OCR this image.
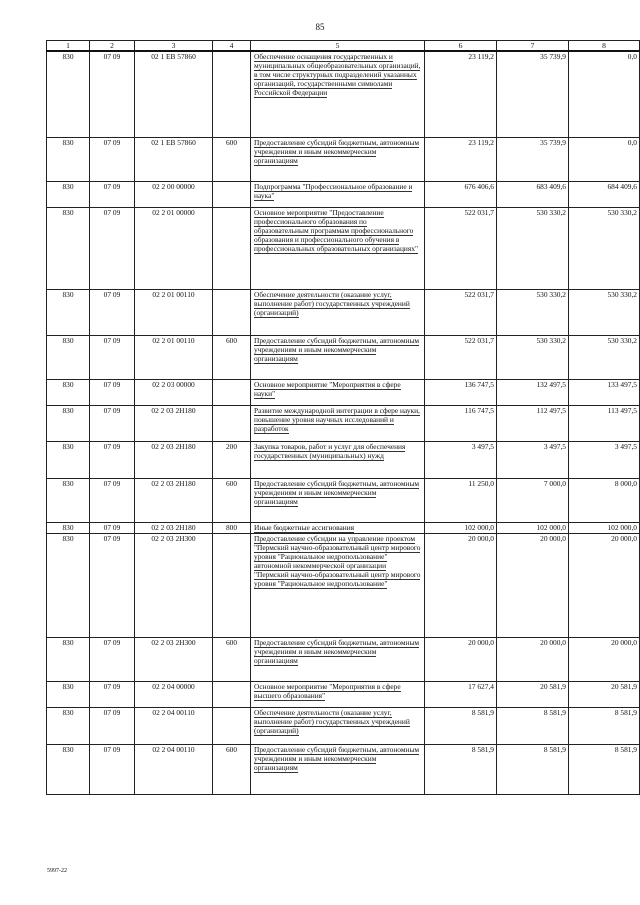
85
1	2	3	4	5	6	7	8
830	07 09	02 1 EВ 57860		Обеспечение оснащения государственных и муниципальных общеобразовательных организаций, в том числе структурных подразделений указанных организаций, государственными символами Российской Федерации	23 119,2	35 739,9	0,0
830	07 09	02 1 EВ 57860	600	Предоставление субсидий бюджетным, автономным учреждениям и иным некоммерческим организациям	23 119,2	35 739,9	0,0
830	07 09	02 2 00 00000		Подпрограмма "Профессиональное образование и наука"	676 406,6	683 409,6	684 409,6
830	07 09	02 2 01 00000		Основное мероприятие "Предоставление профессионального образования по образовательным программам профессионального образования и профессионального обучения в профессиональных образовательных организациях"	522 031,7	530 330,2	530 330,2
830	07 09	02 2 01 00110		Обеспечение деятельности (оказание услуг, выполнение работ) государственных учреждений (организаций)	522 031,7	530 330,2	530 330,2
830	07 09	02 2 01 00110	600	Предоставление субсидий бюджетным, автономным учреждениям и иным некоммерческим организациям	522 031,7	530 330,2	530 330,2
830	07 09	02 2 03 00000		Основное мероприятие "Мероприятия в сфере науки"	136 747,5	132 497,5	133 497,5
830	07 09	02 2 03 2Н180		Развитие международной интеграции в сфере науки, повышение уровня научных исследований и разработок	116 747,5	112 497,5	113 497,5
830	07 09	02 2 03 2Н180	200	Закупка товаров, работ и услуг для обеспечения государственных (муниципальных) нужд	3 497,5	3 497,5	3 497,5
830	07 09	02 2 03 2Н180	600	Предоставление субсидий бюджетным, автономным учреждениям и иным некоммерческим организациям	11 250,0	7 000,0	8 000,0
830	07 09	02 2 03 2Н180	800	Иные бюджетные ассигнования	102 000,0	102 000,0	102 000,0
830	07 09	02 2 03 2Н300		Предоставление субсидии на управление проектом "Пермский научно-образовательный центр мирового уровня "Рациональное недропользование" автономной некоммерческой организации "Пермский научно-образовательный центр мирового уровня "Рациональное недропользование"	20 000,0	20 000,0	20 000,0
830	07 09	02 2 03 2Н300	600	Предоставление субсидий бюджетным, автономным учреждениям и иным некоммерческим организациям	20 000,0	20 000,0	20 000,0
830	07 09	02 2 04 00000		Основное мероприятие "Мероприятия в сфере высшего образования"	17 627,4	20 581,9	20 581,9
830	07 09	02 2 04 00110		Обеспечение деятельности (оказание услуг, выполнение работ) государственных учреждений (организаций)	8 581,9	8 581,9	8 581,9
830	07 09	02 2 04 00110	600	Предоставление субсидий бюджетным, автономным учреждениям и иным некоммерческим организациям	8 581,9	8 581,9	8 581,9
5997-22
